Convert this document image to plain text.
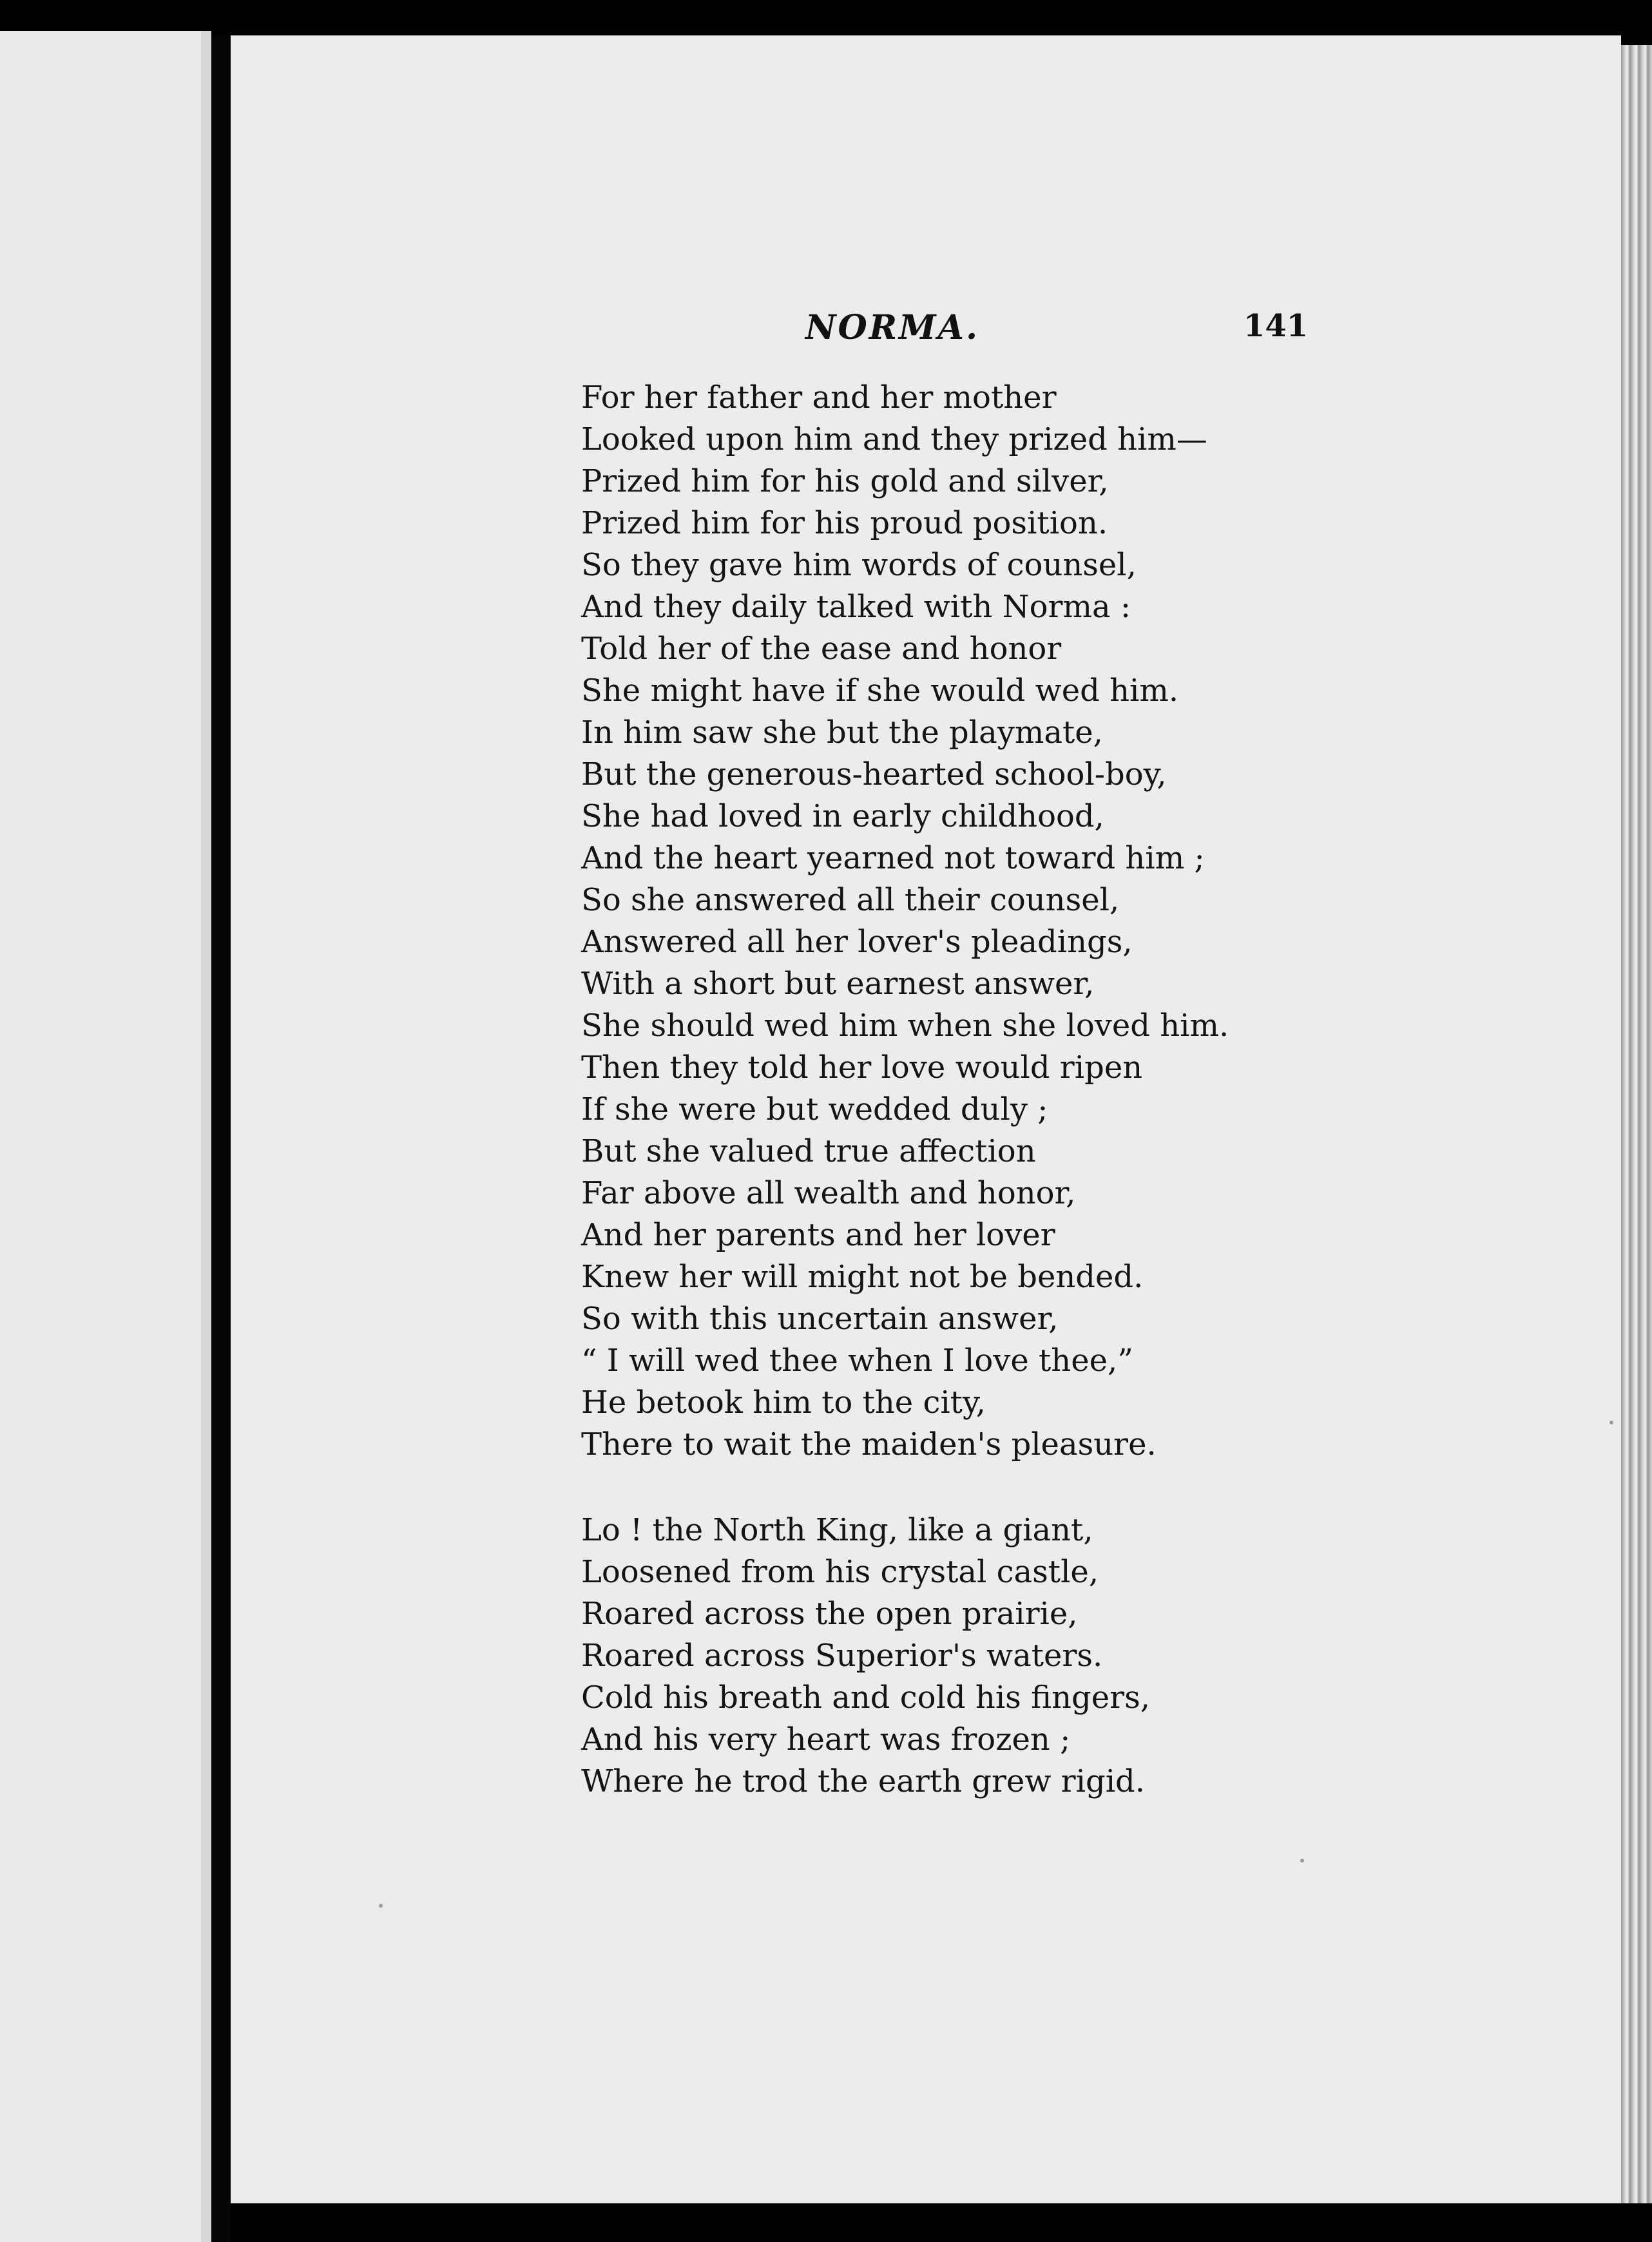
NORMA.	141
For her father and her mother
Looked upon him and they prized him—
Prized him for his gold and silver,
Prized him for his proud position.
So they gave him words of counsel,
And they daily talked with Norma :
Told her of the ease and honor
She might have if she would wed him.
In him saw she but the playmate,
But the generous-hearted school-boy,
She had loved in early childhood,
And the heart yearned not toward him ;
So she answered all their counsel,
Answered all her lover's pleadings,
With a short but earnest answer,
She should wed him when she loved him.
Then they told her love would ripen
If she were but wedded duly ;
But she valued true affection
Far above all wealth and honor,
And her parents and her lover
Knew her will might not be bended.
So with this uncertain answer,
“ I will wed thee when I love thee,”
He betook him to the city,
There to wait the maiden's pleasure.
Lo ! the North King, like a giant,
Loosened from his crystal castle,
Roared across the open prairie,
Roared across Superior's waters.
Cold his breath and cold his fingers,
And his very heart was frozen ;
Where he trod the earth grew rigid.
